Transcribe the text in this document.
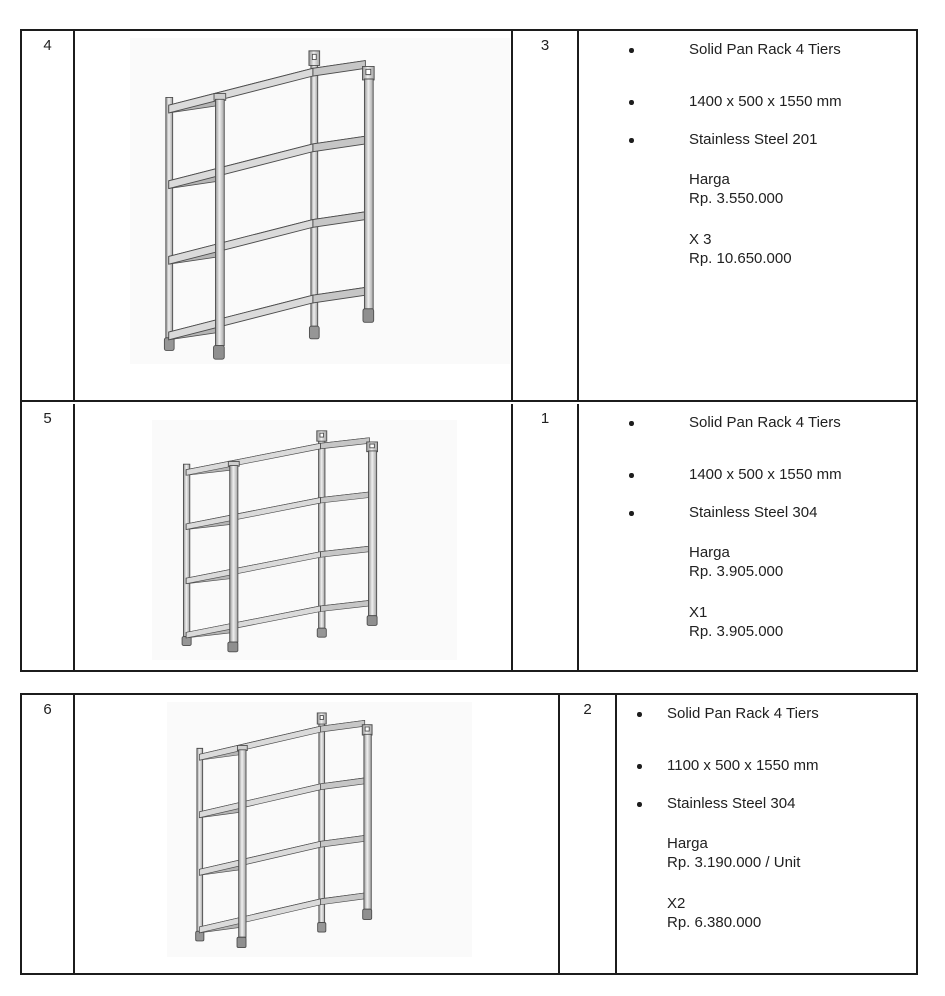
4	3	Solid Pan Rack 4 Tiers
1400 x 500 x 1550 mm
Stainless Steel 201
Harga
Rp. 3.550.000
X 3
Rp. 10.650.000
5	1	Solid Pan Rack 4 Tiers
1400 x 500 x 1550 mm
Stainless Steel 304
Harga
Rp. 3.905.000
X1
Rp. 3.905.000
6	2	Solid Pan Rack 4 Tiers
1100 x 500 x 1550 mm
Stainless Steel 304
Harga
Rp. 3.190.000 / Unit
X2
Rp. 6.380.000
